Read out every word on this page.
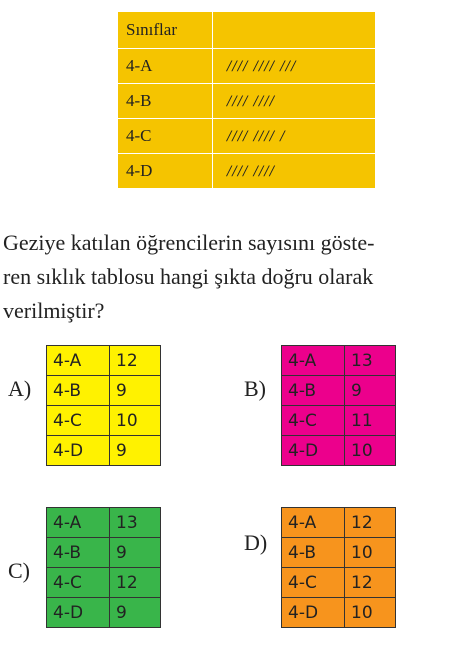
Sınıflar	
4-A	//// //// ///
4-B	//// ////
4-C	//// //// /
4-D	//// ////
Geziye katılan öğrencilerin sayısını göste-
ren sıklık tablosu hangi şıkta doğru olarak
verilmiştir?
A)
4-A	12
4-B	9
4-C	10
4-D	9
B)
4-A	13
4-B	9
4-C	11
4-D	10
C)
4-A	13
4-B	9
4-C	12
4-D	9
D)
4-A	12
4-B	10
4-C	12
4-D	10
